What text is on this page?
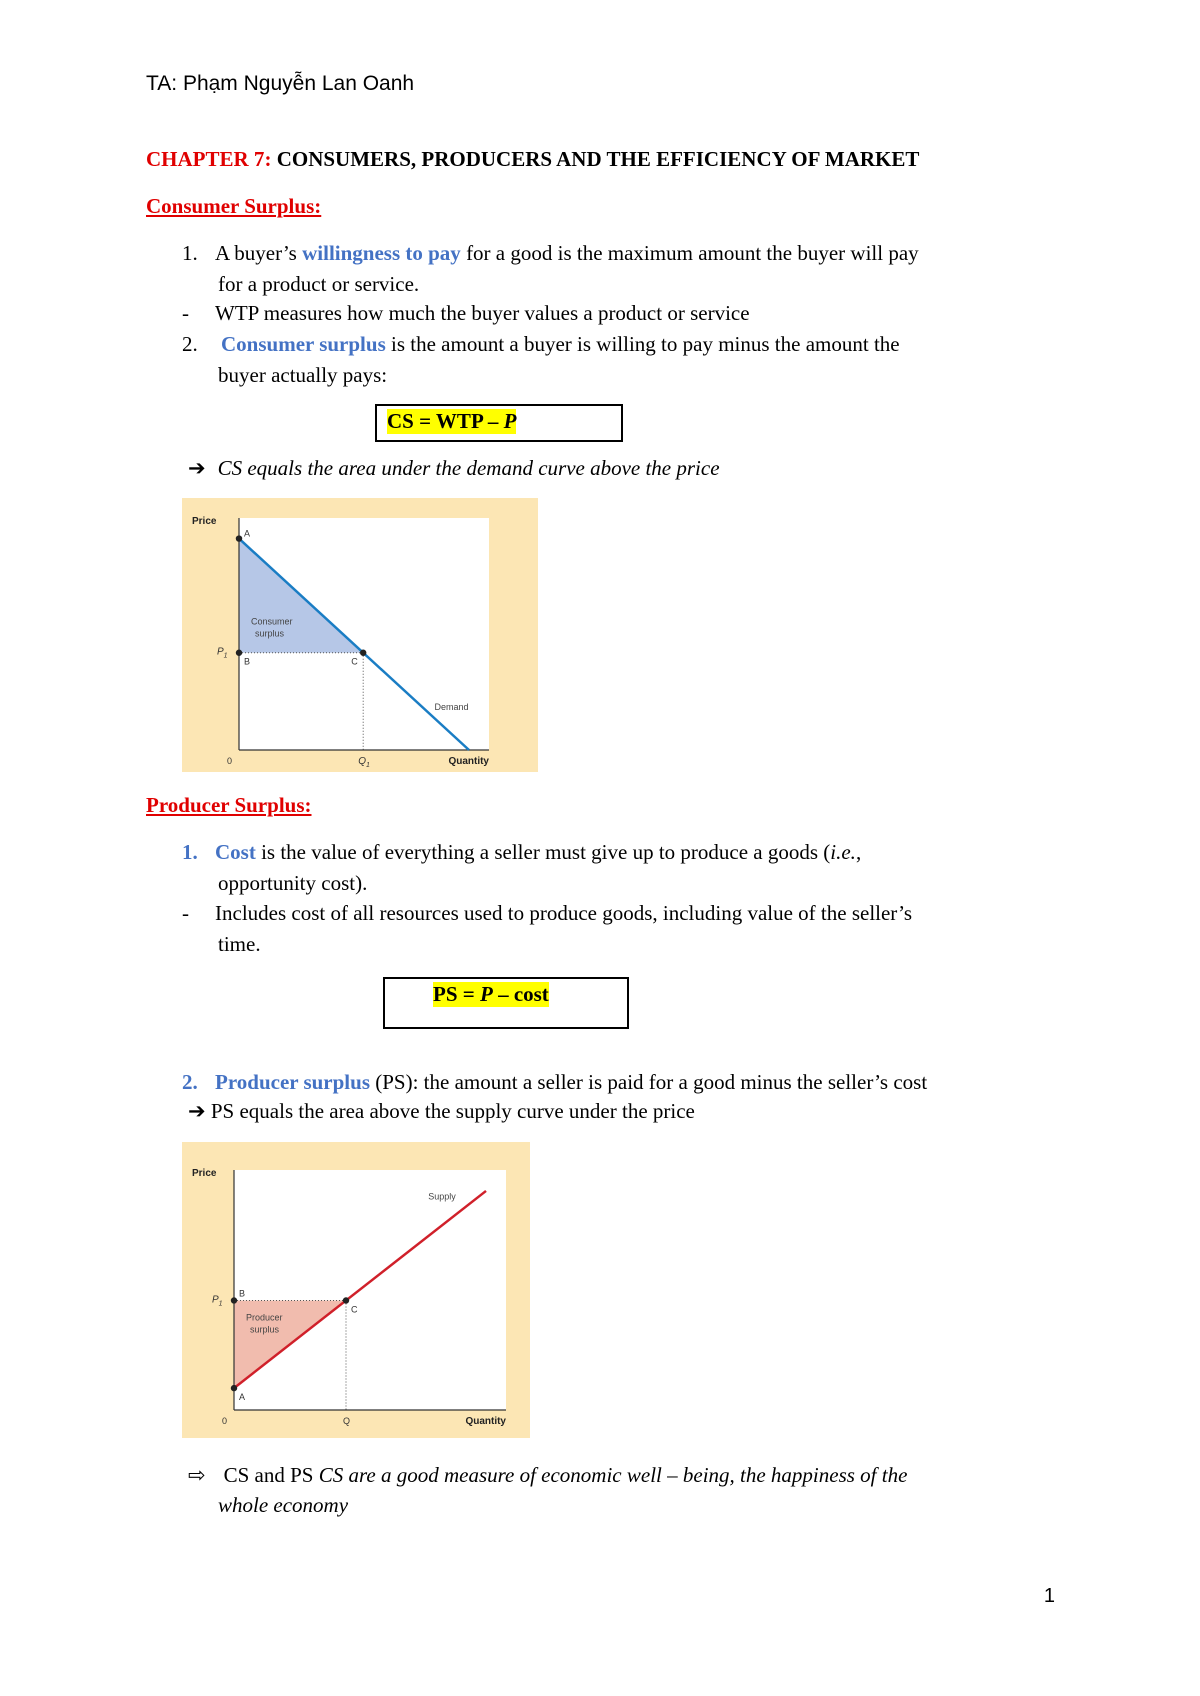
TA: Phạm Nguyễn Lan Oanh
CHAPTER 7: CONSUMERS, PRODUCERS AND THE EFFICIENCY OF MARKET
Consumer Surplus:
1. A buyer’s willingness to pay for a good is the maximum amount the buyer will pay
for a product or service.
- WTP measures how much the buyer values a product or service
2. Consumer surplus is the amount a buyer is willing to pay minus the amount the
buyer actually pays:
CS = WTP – P
➔ CS equals the area under the demand curve above the price
Price
Quantity
0
$P_1$
$Q_1$
A
B	C
Consumer
surplus
Demand
Producer Surplus:
1. Cost is the value of everything a seller must give up to produce a goods (i.e.,
opportunity cost).
- Includes cost of all resources used to produce goods, including value of the seller’s
time.
PS = P – cost
2. Producer surplus (PS): the amount a seller is paid for a good minus the seller’s cost
➔ PS equals the area above the supply curve under the price
Price
Quantity
0
$P_1$
Q
A
B
C
Producer
surplus
Supply
⇨ CS and PS CS are a good measure of economic well – being, the happiness of the
whole economy
1
